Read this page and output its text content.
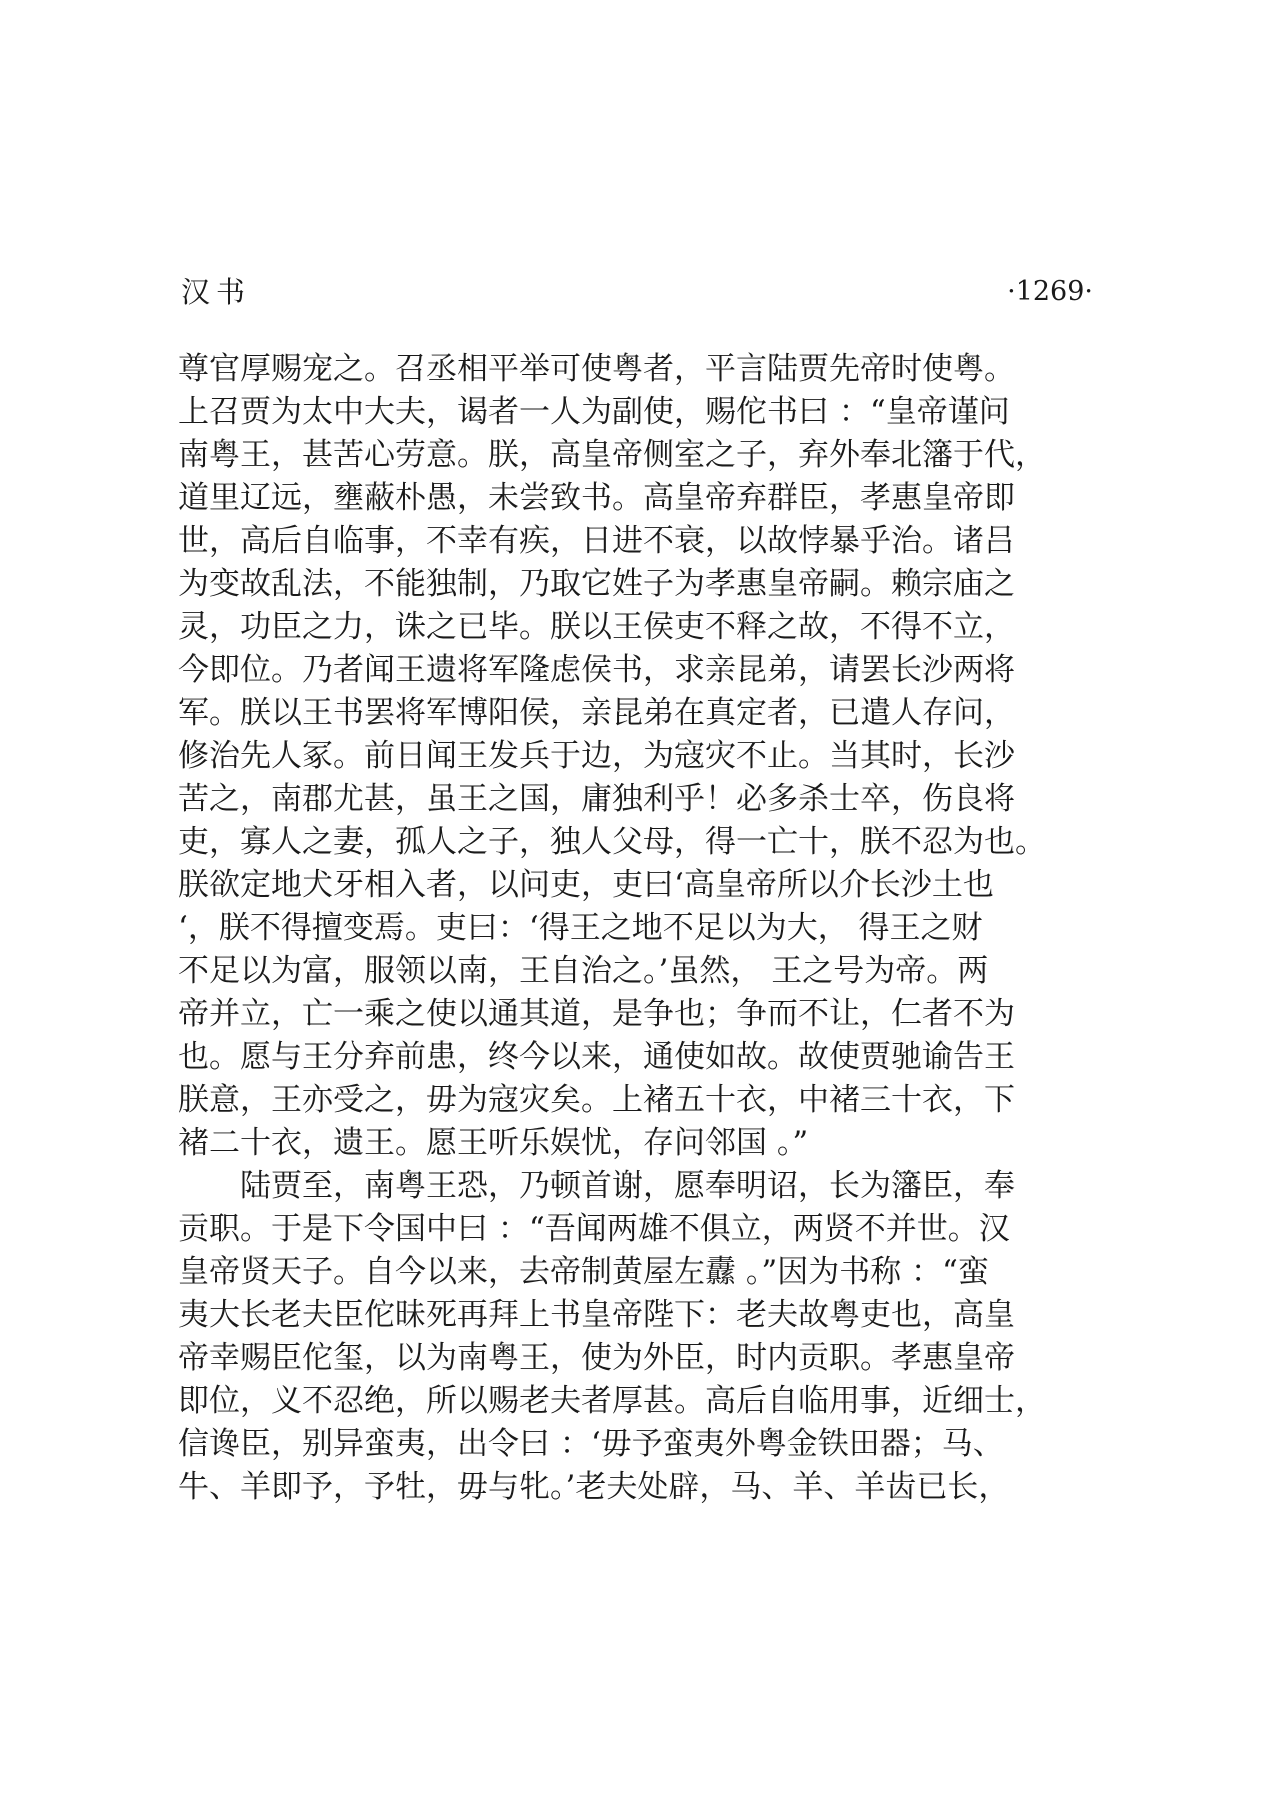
汉书	·1269·
尊官厚赐宠之。召丞相平举可使粤者，平言陆贾先帝时使粤。
上召贾为太中大夫，谒者一人为副使，赐佗书曰 ：“皇帝谨问
南粤王，甚苦心劳意。朕，高皇帝侧室之子，弃外奉北籓于代，
道里辽远，壅蔽朴愚，未尝致书。高皇帝弃群臣，孝惠皇帝即
世，高后自临事，不幸有疾，日进不衰，以故悖暴乎治。诸吕
为变故乱法，不能独制，乃取它姓子为孝惠皇帝嗣。赖宗庙之
灵，功臣之力，诛之已毕。朕以王侯吏不释之故，不得不立，
今即位。乃者闻王遗将军隆虑侯书，求亲昆弟，请罢长沙两将
军。朕以王书罢将军博阳侯，亲昆弟在真定者，已遣人存问，
修治先人冢。前日闻王发兵于边，为寇灾不止。当其时，长沙
苦之，南郡尤甚，虽王之国，庸独利乎！必多杀士卒，伤良将
吏，寡人之妻，孤人之子，独人父母，得一亡十，朕不忍为也。
朕欲定地犬牙相入者，以问吏，吏曰‘高皇帝所以介长沙土也
‘，朕不得擅变焉。吏曰：‘得王之地不足以为大， 得王之财
不足以为富，服领以南，王自治之。’虽然， 王之号为帝。两
帝并立，亡一乘之使以通其道，是争也；争而不让，仁者不为
也。愿与王分弃前患，终今以来，通使如故。故使贾驰谕告王
朕意，王亦受之，毋为寇灾矣。上褚五十衣，中褚三十衣，下
褚二十衣，遗王。愿王听乐娱忧，存问邻国 。”
陆贾至，南粤王恐，乃顿首谢，愿奉明诏，长为籓臣，奉
贡职。于是下令国中曰 ：“吾闻两雄不俱立，两贤不并世。汉
皇帝贤天子。自今以来，去帝制黄屋左纛 。”因为书称 ：“蛮
夷大长老夫臣佗昧死再拜上书皇帝陛下：老夫故粤吏也，高皇
帝幸赐臣佗玺，以为南粤王，使为外臣，时内贡职。孝惠皇帝
即位，义不忍绝，所以赐老夫者厚甚。高后自临用事，近细士，
信谗臣，别异蛮夷，出令曰 ：‘毋予蛮夷外粤金铁田器；马、
牛、羊即予，予牡，毋与牝。’老夫处辟，马、羊、羊齿已长，
